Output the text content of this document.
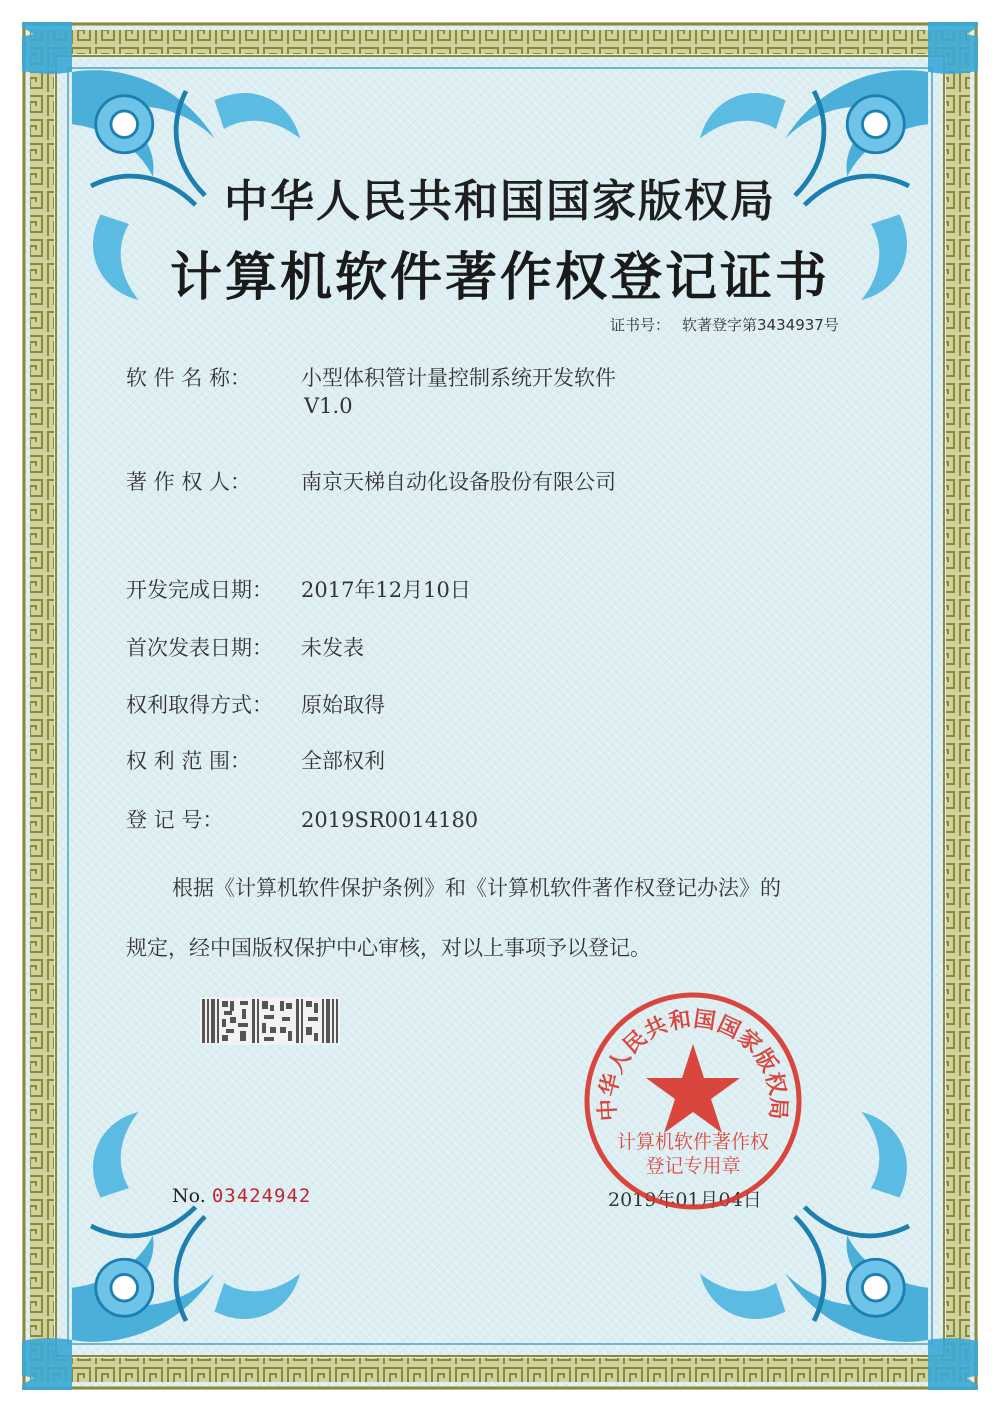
中华人民共和国国家版权局
计算机软件著作权登记证书
证书号： 软著登字第3434937号
软 件 名 称： 小型体积管计量控制系统开发软件
V1.0
著 作 权 人： 南京天梯自动化设备股份有限公司
开发完成日期： 2017年12月10日
首次发表日期： 未发表
权利取得方式： 原始取得
权 利 范 围： 全部权利
登 记 号：	2019SR0014180
根据《计算机软件保护条例》和《计算机软件著作权登记办法》的
规定，经中国版权保护中心审核，对以上事项予以登记。
No. 03424942	2019年01月04日
中华人民共和国国家版权局
计算机软件著作权
登记专用章
